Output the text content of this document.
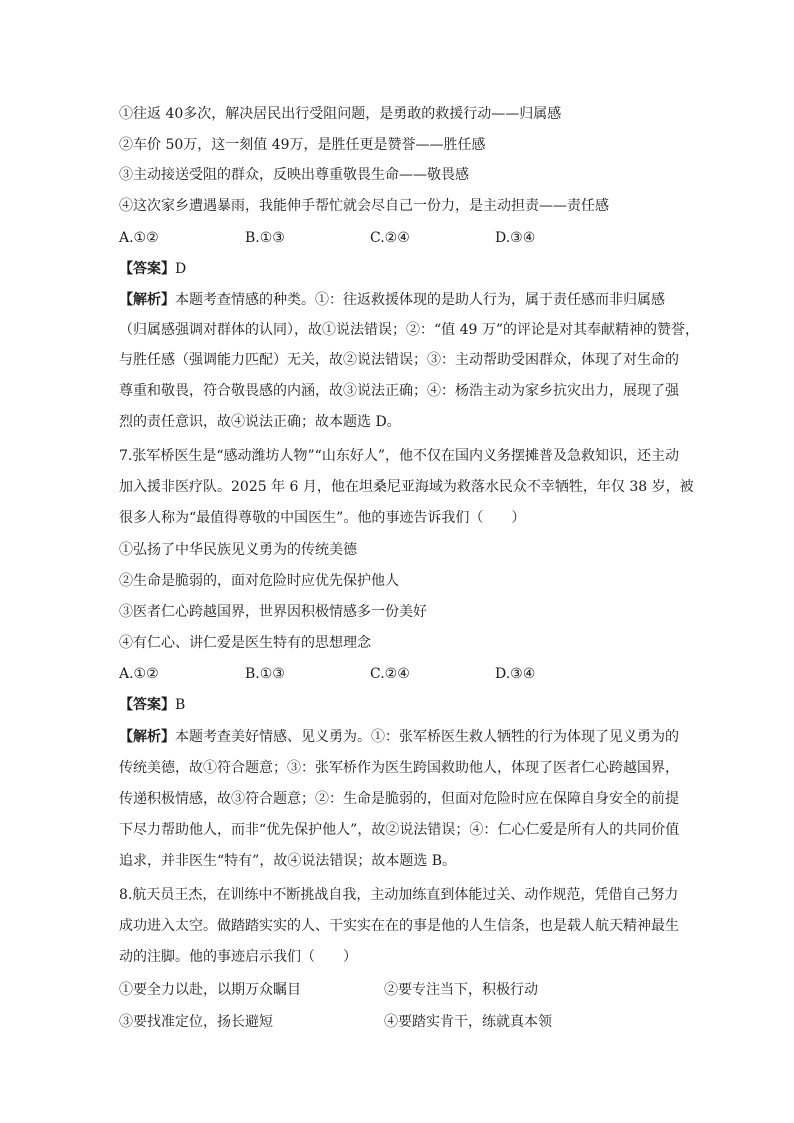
①往返 40多次，解决居民出行受阻问题，是勇敢的救援行动——归属感
②车价 50万，这一刻值 49万，是胜任更是赞誉——胜任感
③主动接送受阻的群众，反映出尊重敬畏生命——敬畏感
④这次家乡遭遇暴雨，我能伸手帮忙就会尽自己一份力，是主动担责——责任感
A.①②	B.①③	C.②④	D.③④
【答案】D
【解析】本题考查情感的种类。①：往返救援体现的是助人行为，属于责任感而非归属感
（归属感强调对群体的认同），故①说法错误；②：“值 49 万”的评论是对其奉献精神的赞誉，
与胜任感（强调能力匹配）无关，故②说法错误；③：主动帮助受困群众，体现了对生命的
尊重和敬畏，符合敬畏感的内涵，故③说法正确；④：杨浩主动为家乡抗灾出力，展现了强
烈的责任意识，故④说法正确；故本题选 D。
7.张军桥医生是“感动潍坊人物”“山东好人”，他不仅在国内义务摆摊普及急救知识，还主动
加入援非医疗队。2025 年 6 月，他在坦桑尼亚海域为救落水民众不幸牺牲，年仅 38 岁，被
很多人称为“最值得尊敬的中国医生”。他的事迹告诉我们（　　）
①弘扬了中华民族见义勇为的传统美德
②生命是脆弱的，面对危险时应优先保护他人
③医者仁心跨越国界，世界因积极情感多一份美好
④有仁心、讲仁爱是医生特有的思想理念
A.①②	B.①③	C.②④	D.③④
【答案】B
【解析】本题考查美好情感、见义勇为。①：张军桥医生救人牺牲的行为体现了见义勇为的
传统美德，故①符合题意；③：张军桥作为医生跨国救助他人，体现了医者仁心跨越国界，
传递积极情感，故③符合题意；②：生命是脆弱的，但面对危险时应在保障自身安全的前提
下尽力帮助他人，而非“优先保护他人”，故②说法错误；④：仁心仁爱是所有人的共同价值
追求，并非医生“特有”，故④说法错误；故本题选 B。
8.航天员王杰，在训练中不断挑战自我，主动加练直到体能过关、动作规范，凭借自己努力
成功进入太空。做踏踏实实的人、干实实在在的事是他的人生信条，也是载人航天精神最生
动的注脚。他的事迹启示我们（　　）
①要全力以赴，以期万众瞩目	②要专注当下，积极行动
③要找准定位，扬长避短	④要踏实肯干，练就真本领
